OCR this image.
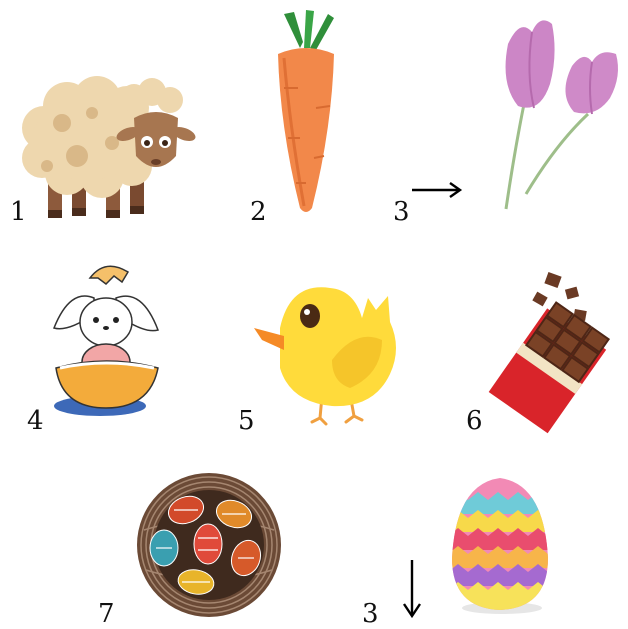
1	2	3
4	5	6
7	3
